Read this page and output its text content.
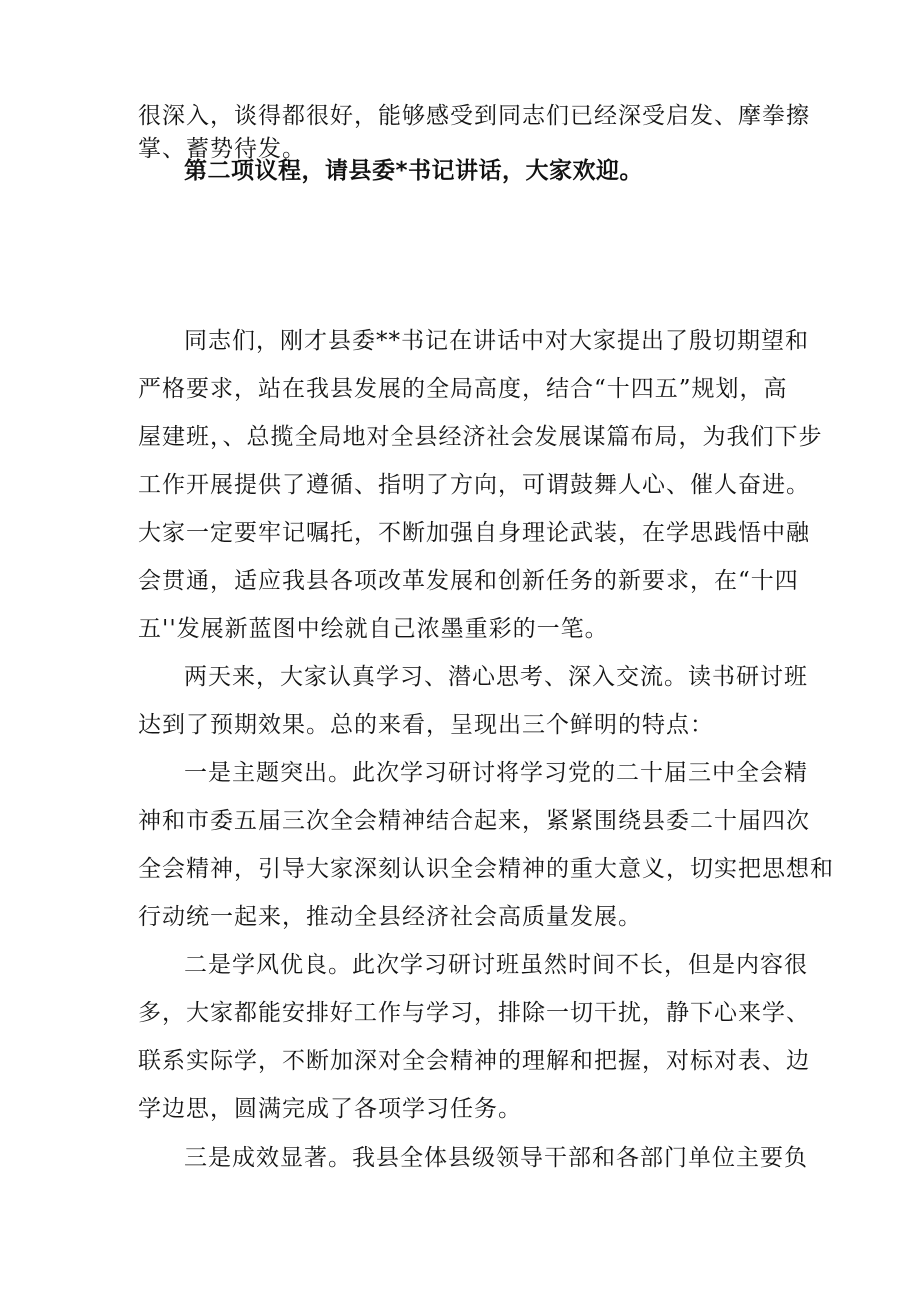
很深入，谈得都很好，能够感受到同志们已经深受启发、摩拳擦
掌、蓄势待发。
第二项议程，请县委*书记讲话，大家欢迎。
同志们，刚才县委**书记在讲话中对大家提出了殷切期望和
严格要求，站在我县发展的全局高度，结合“十四五”规划，高
屋建班，、总揽全局地对全县经济社会发展谋篇布局，为我们下步
工作开展提供了遵循、指明了方向，可谓鼓舞人心、催人奋进。
大家一定要牢记嘱托，不断加强自身理论武装，在学思践悟中融
会贯通，适应我县各项改革发展和创新任务的新要求，在“十四
五''发展新蓝图中绘就自己浓墨重彩的一笔。
两天来，大家认真学习、潜心思考、深入交流。读书研讨班
达到了预期效果。总的来看，呈现出三个鲜明的特点：
一是主题突出。此次学习研讨将学习党的二十届三中全会精
神和市委五届三次全会精神结合起来，紧紧围绕县委二十届四次
全会精神，引导大家深刻认识全会精神的重大意义，切实把思想和
行动统一起来，推动全县经济社会高质量发展。
二是学风优良。此次学习研讨班虽然时间不长，但是内容很
多，大家都能安排好工作与学习，排除一切干扰，静下心来学、
联系实际学，不断加深对全会精神的理解和把握，对标对表、边
学边思，圆满完成了各项学习任务。
三是成效显著。我县全体县级领导干部和各部门单位主要负
